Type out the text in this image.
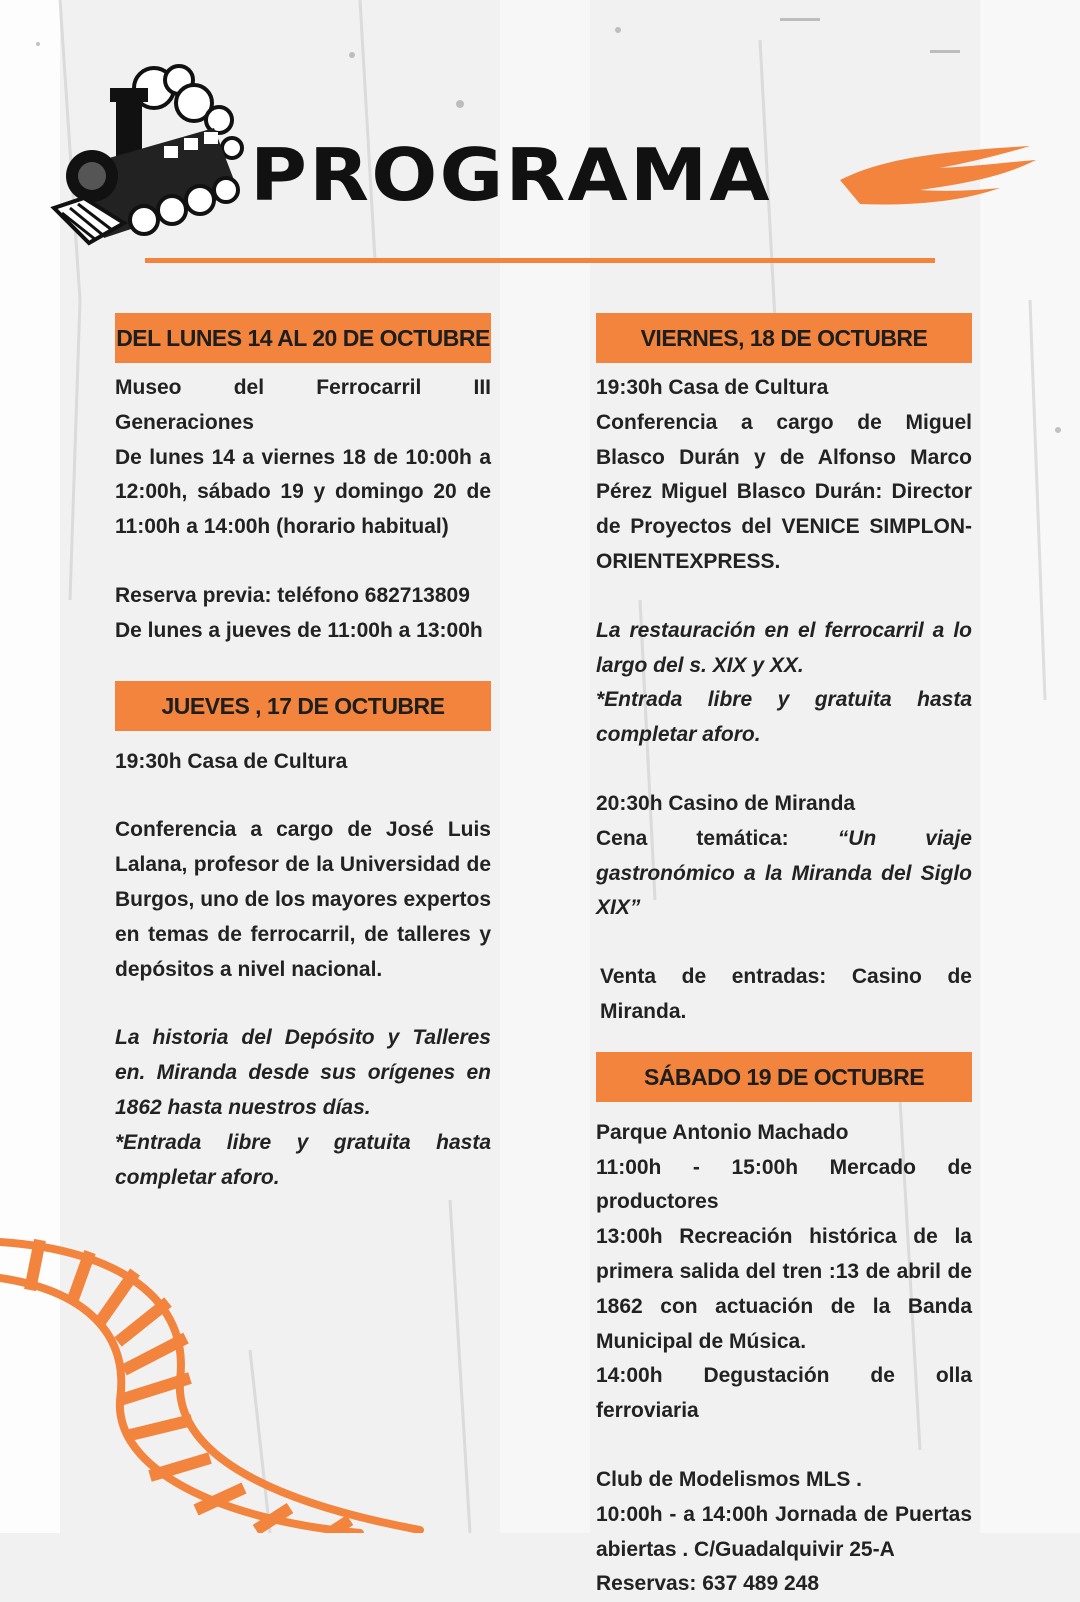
PROGRAMA
DEL LUNES 14 AL 20 DE OCTUBRE

Museo del Ferrocarril III Generaciones

De lunes 14 a viernes 18 de 10:00h a 12:00h, sábado 19 y domingo 20 de 11:00h a 14:00h (horario habitual)

Reserva previa: teléfono 682713809

De lunes a jueves de 11:00h a 13:00h

JUEVES , 17 DE OCTUBRE

19:30h Casa de Cultura

Conferencia a cargo de José Luis Lalana, profesor de la Universidad de Burgos, uno de los mayores expertos en temas de ferrocarril, de talleres y depósitos a nivel nacional.

La historia del Depósito y Talleres en. Miranda desde sus orígenes en 1862 hasta nuestros días.

*Entrada libre y gratuita hasta completar aforo.

VIERNES, 18 DE OCTUBRE

19:30h Casa de Cultura

Conferencia a cargo de Miguel Blasco Durán y de Alfonso Marco Pérez Miguel Blasco Durán: Director de Proyectos del VENICE SIMPLON-ORIENTEXPRESS.

La restauración en el ferrocarril a lo largo del s. XIX y XX.

*Entrada libre y gratuita hasta completar aforo.

20:30h Casino de Miranda

Cena temática: “Un viaje gastronómico a la Miranda del Siglo XIX”

Venta de entradas: Casino de Miranda.

SÁBADO 19 DE OCTUBRE

Parque Antonio Machado

11:00h - 15:00h Mercado de productores

13:00h Recreación histórica de la primera salida del tren :13 de abril de 1862 con actuación de la Banda Municipal de Música.

14:00h Degustación de olla ferroviaria

Club de Modelismos MLS .

10:00h - a 14:00h Jornada de Puertas abiertas . C/Guadalquivir 25-A

Reservas: 637 489 248
